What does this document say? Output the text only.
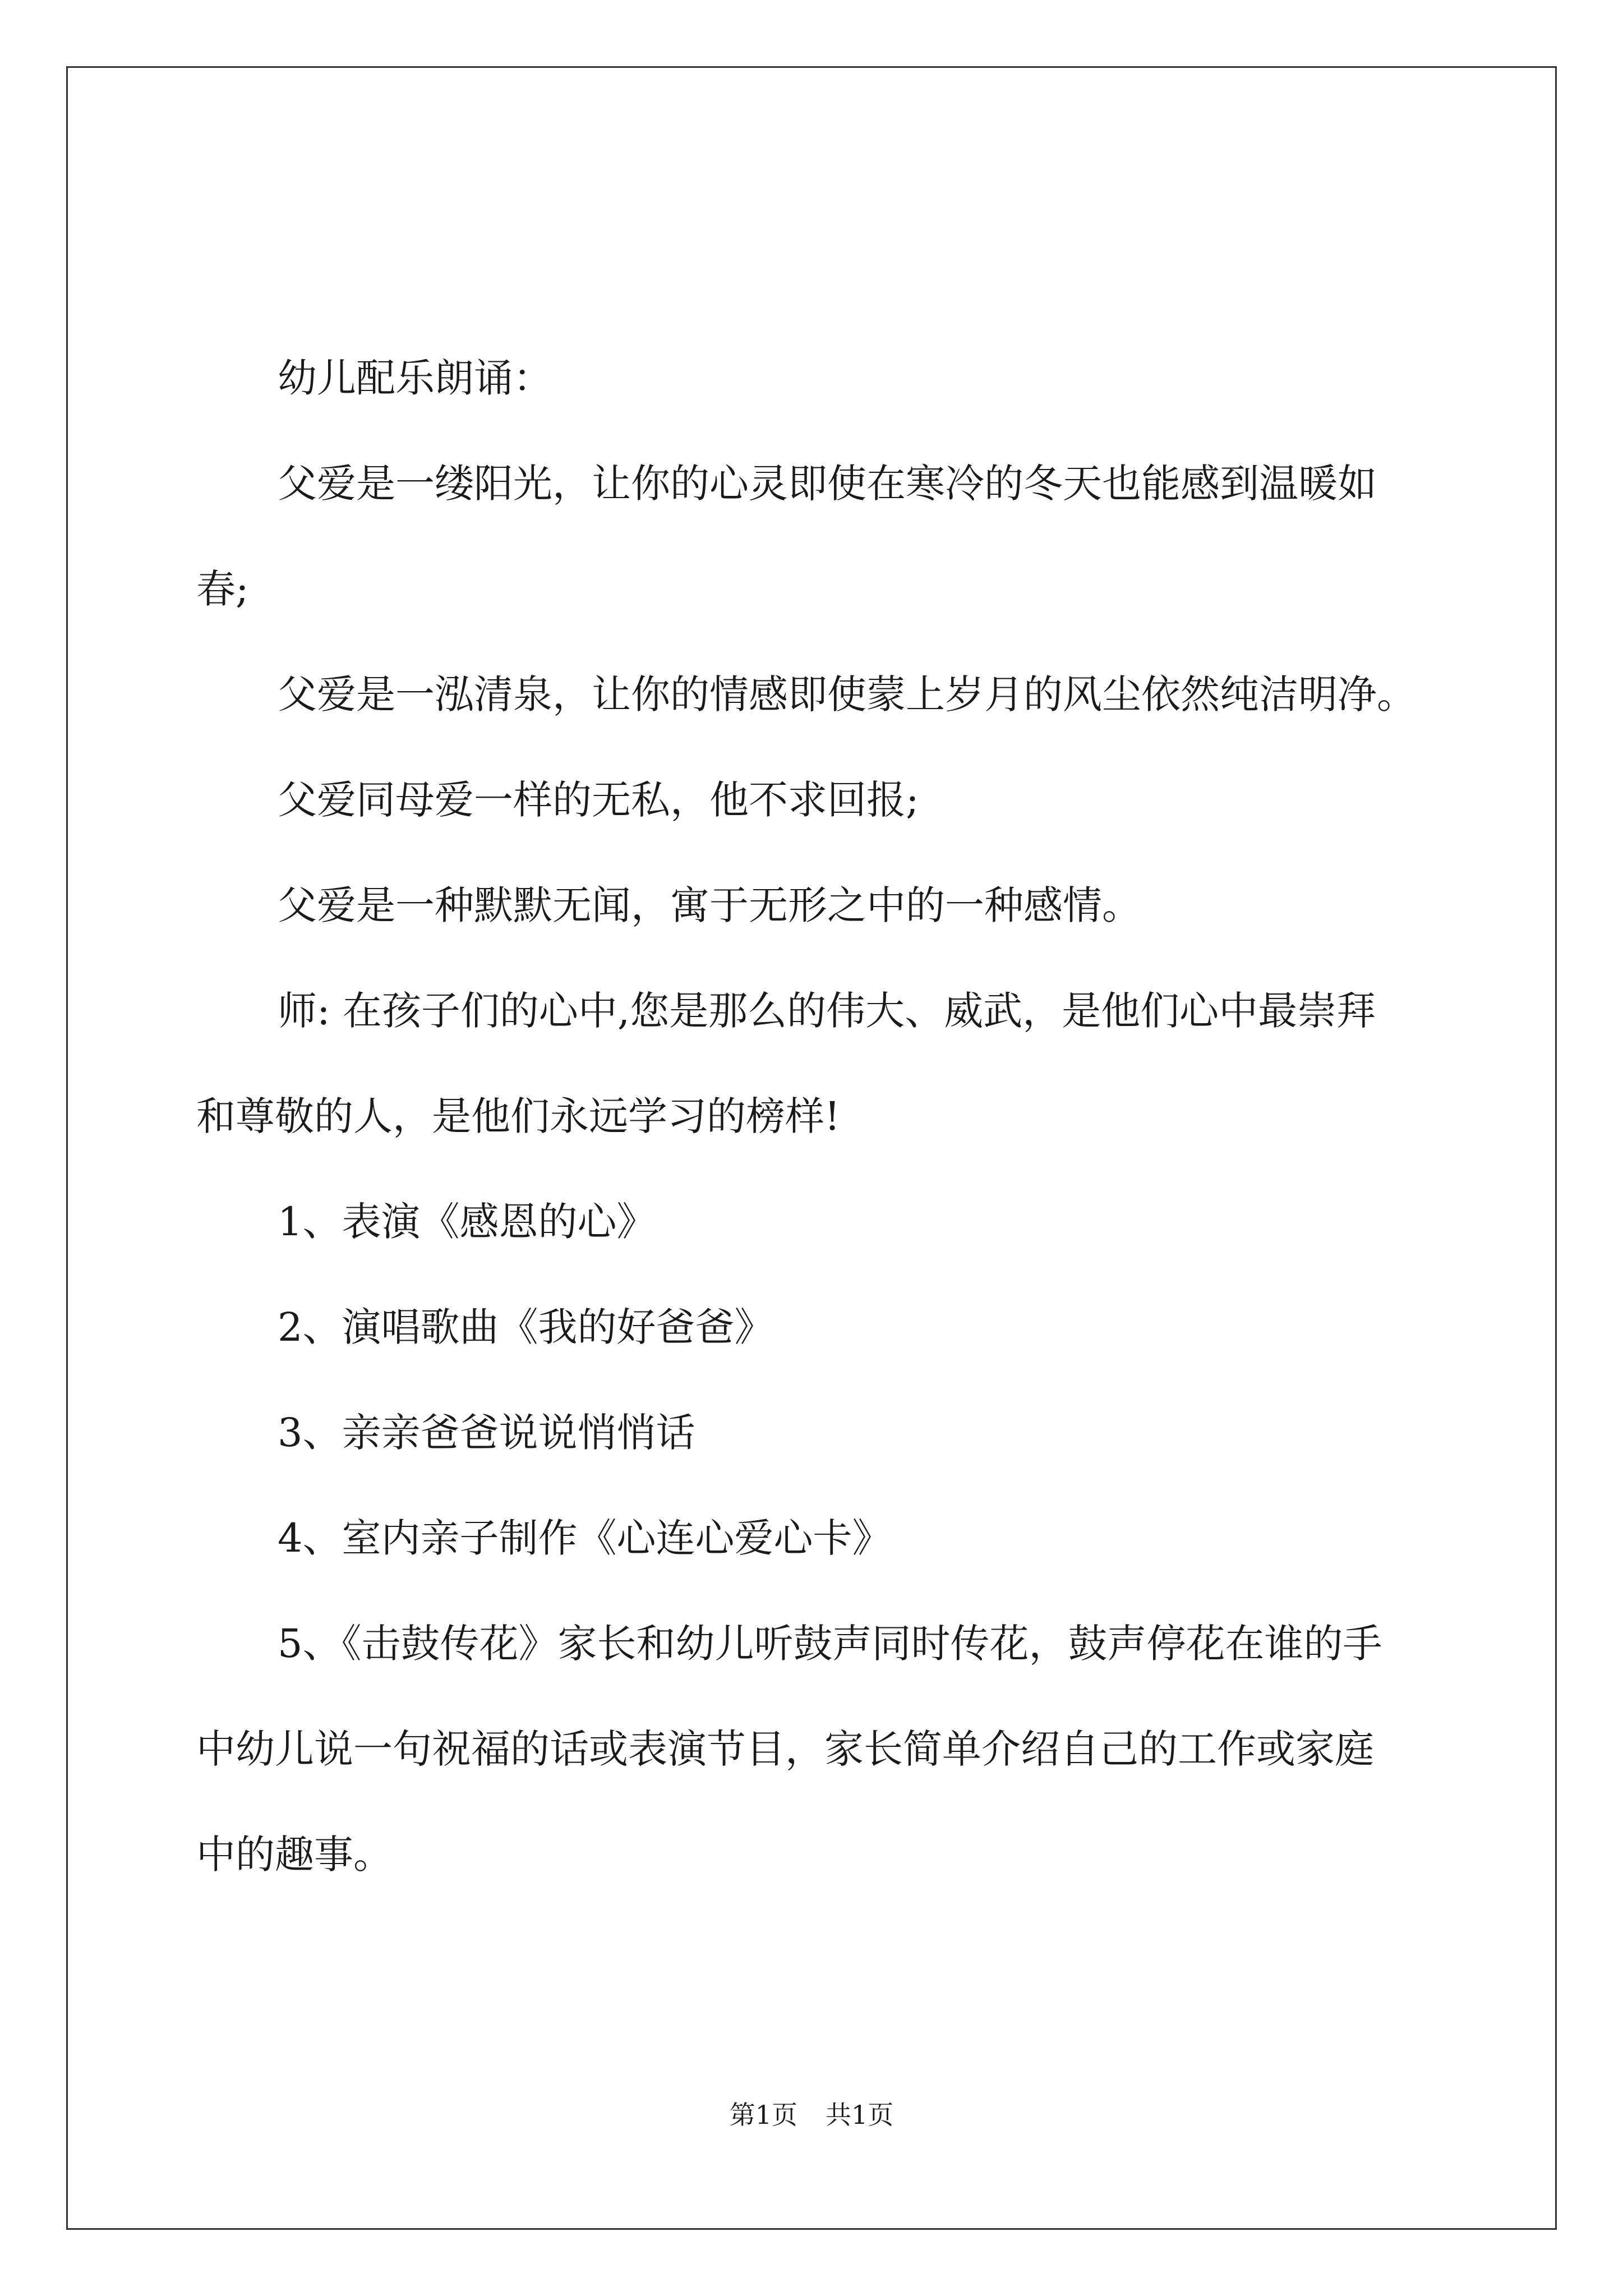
幼儿配乐朗诵：

父爱是一缕阳光，让你的心灵即使在寒冷的冬天也能感到温暖如

春;

父爱是一泓清泉，让你的情感即使蒙上岁月的风尘依然纯洁明净。

父爱同母爱一样的无私，他不求回报;

父爱是一种默默无闻，寓于无形之中的一种感情。

师: 在孩子们的心中,您是那么的伟大、威武，是他们心中最崇拜

和尊敬的人，是他们永远学习的榜样!

1、表演《感恩的心》

2、演唱歌曲《我的好爸爸》

3、亲亲爸爸说说悄悄话

4、室内亲子制作《心连心爱心卡》

5、《击鼓传花》家长和幼儿听鼓声同时传花，鼓声停花在谁的手

中幼儿说一句祝福的话或表演节目，家长简单介绍自己的工作或家庭

中的趣事。

第1页 共1页
